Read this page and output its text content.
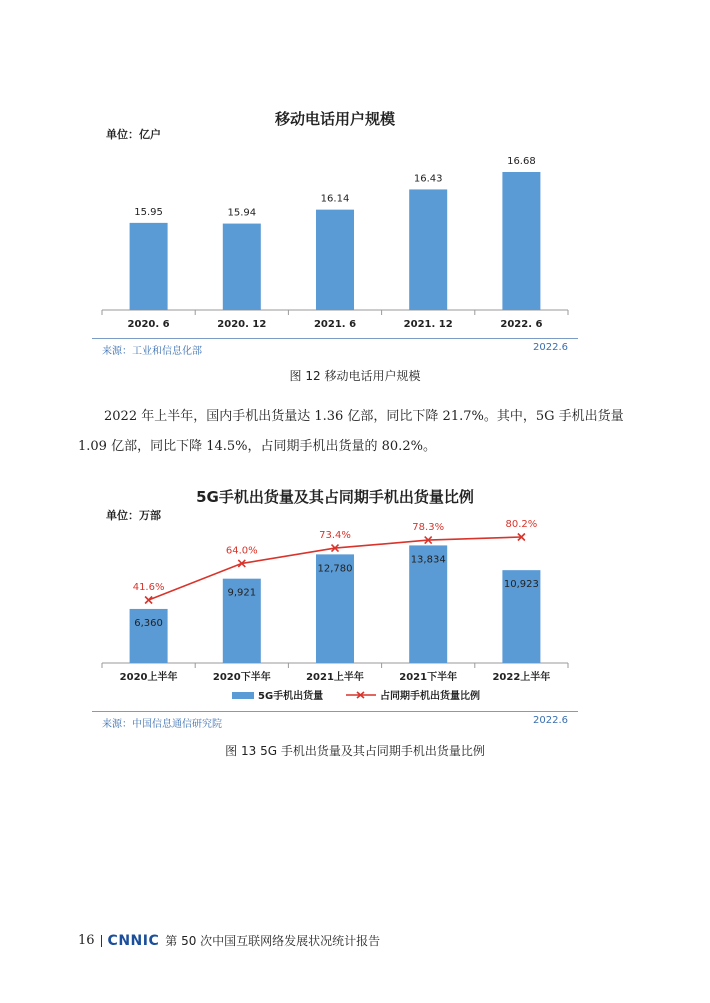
移动电话用户规模
单位：亿户
15.95
2020. 6
15.94
2020. 12
16.14
2021. 6
16.43
2021. 12
16.68
2022. 6
来源：工业和信息化部	2022.6
图 12 移动电话用户规模
2022 年上半年，国内手机出货量达 1.36 亿部，同比下降 21.7%。其中，5G 手机出货量 1.09 亿部，同比下降 14.5%，占同期手机出货量的 80.2%。
5G手机出货量及其占同期手机出货量比例
单位：万部
6,360
2020上半年
9,921
2020下半年
12,780
2021上半年
13,834
2021下半年
10,923
2022上半年
41.6%
64.0%
73.4%
78.3%	80.2%
5G手机出货量	占同期手机出货量比例
来源：中国信息通信研究院	2022.6
图 13 5G 手机出货量及其占同期手机出货量比例
16 CNNIC 第 50 次中国互联网络发展状况统计报告
